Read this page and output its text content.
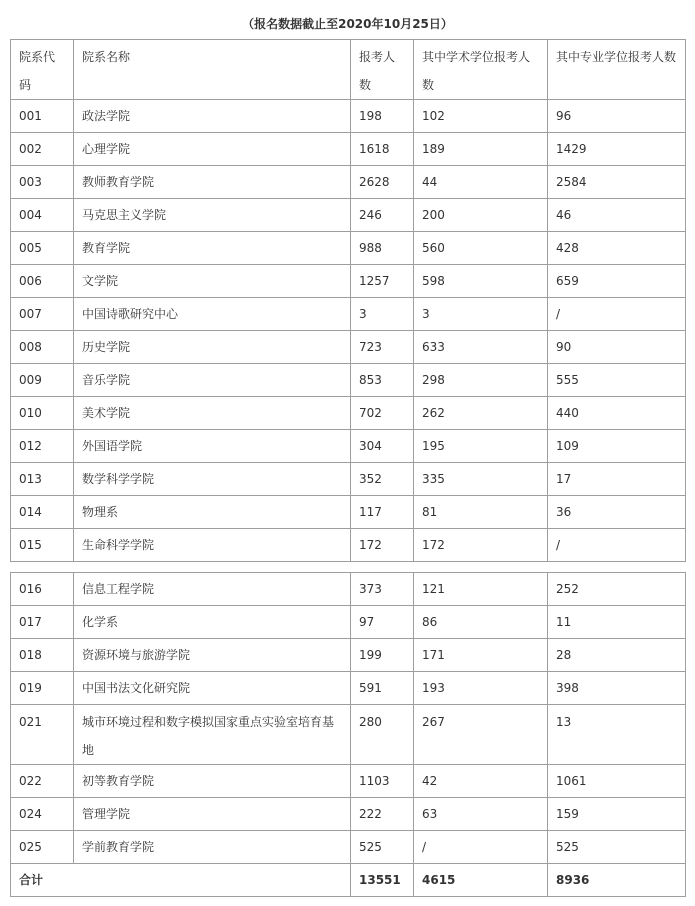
（报名数据截止至2020年10月25日）
院系代码	院系名称	报考人数	其中学术学位报考人数	其中专业学位报考人数
001	政法学院	198	102	96
002	心理学院	1618	189	1429
003	教师教育学院	2628	44	2584
004	马克思主义学院	246	200	46
005	教育学院	988	560	428
006	文学院	1257	598	659
007	中国诗歌研究中心	3	3	/
008	历史学院	723	633	90
009	音乐学院	853	298	555
010	美术学院	702	262	440
012	外国语学院	304	195	109
013	数学科学学院	352	335	17
014	物理系	117	81	36
015	生命科学学院	172	172	/
016	信息工程学院	373	121	252
017	化学系	97	86	11
018	资源环境与旅游学院	199	171	28
019	中国书法文化研究院	591	193	398
021	城市环境过程和数字模拟国家重点实验室培育基地	280	267	13
022	初等教育学院	1103	42	1061
024	管理学院	222	63	159
025	学前教育学院	525	/	525
合计		13551	4615	8936
